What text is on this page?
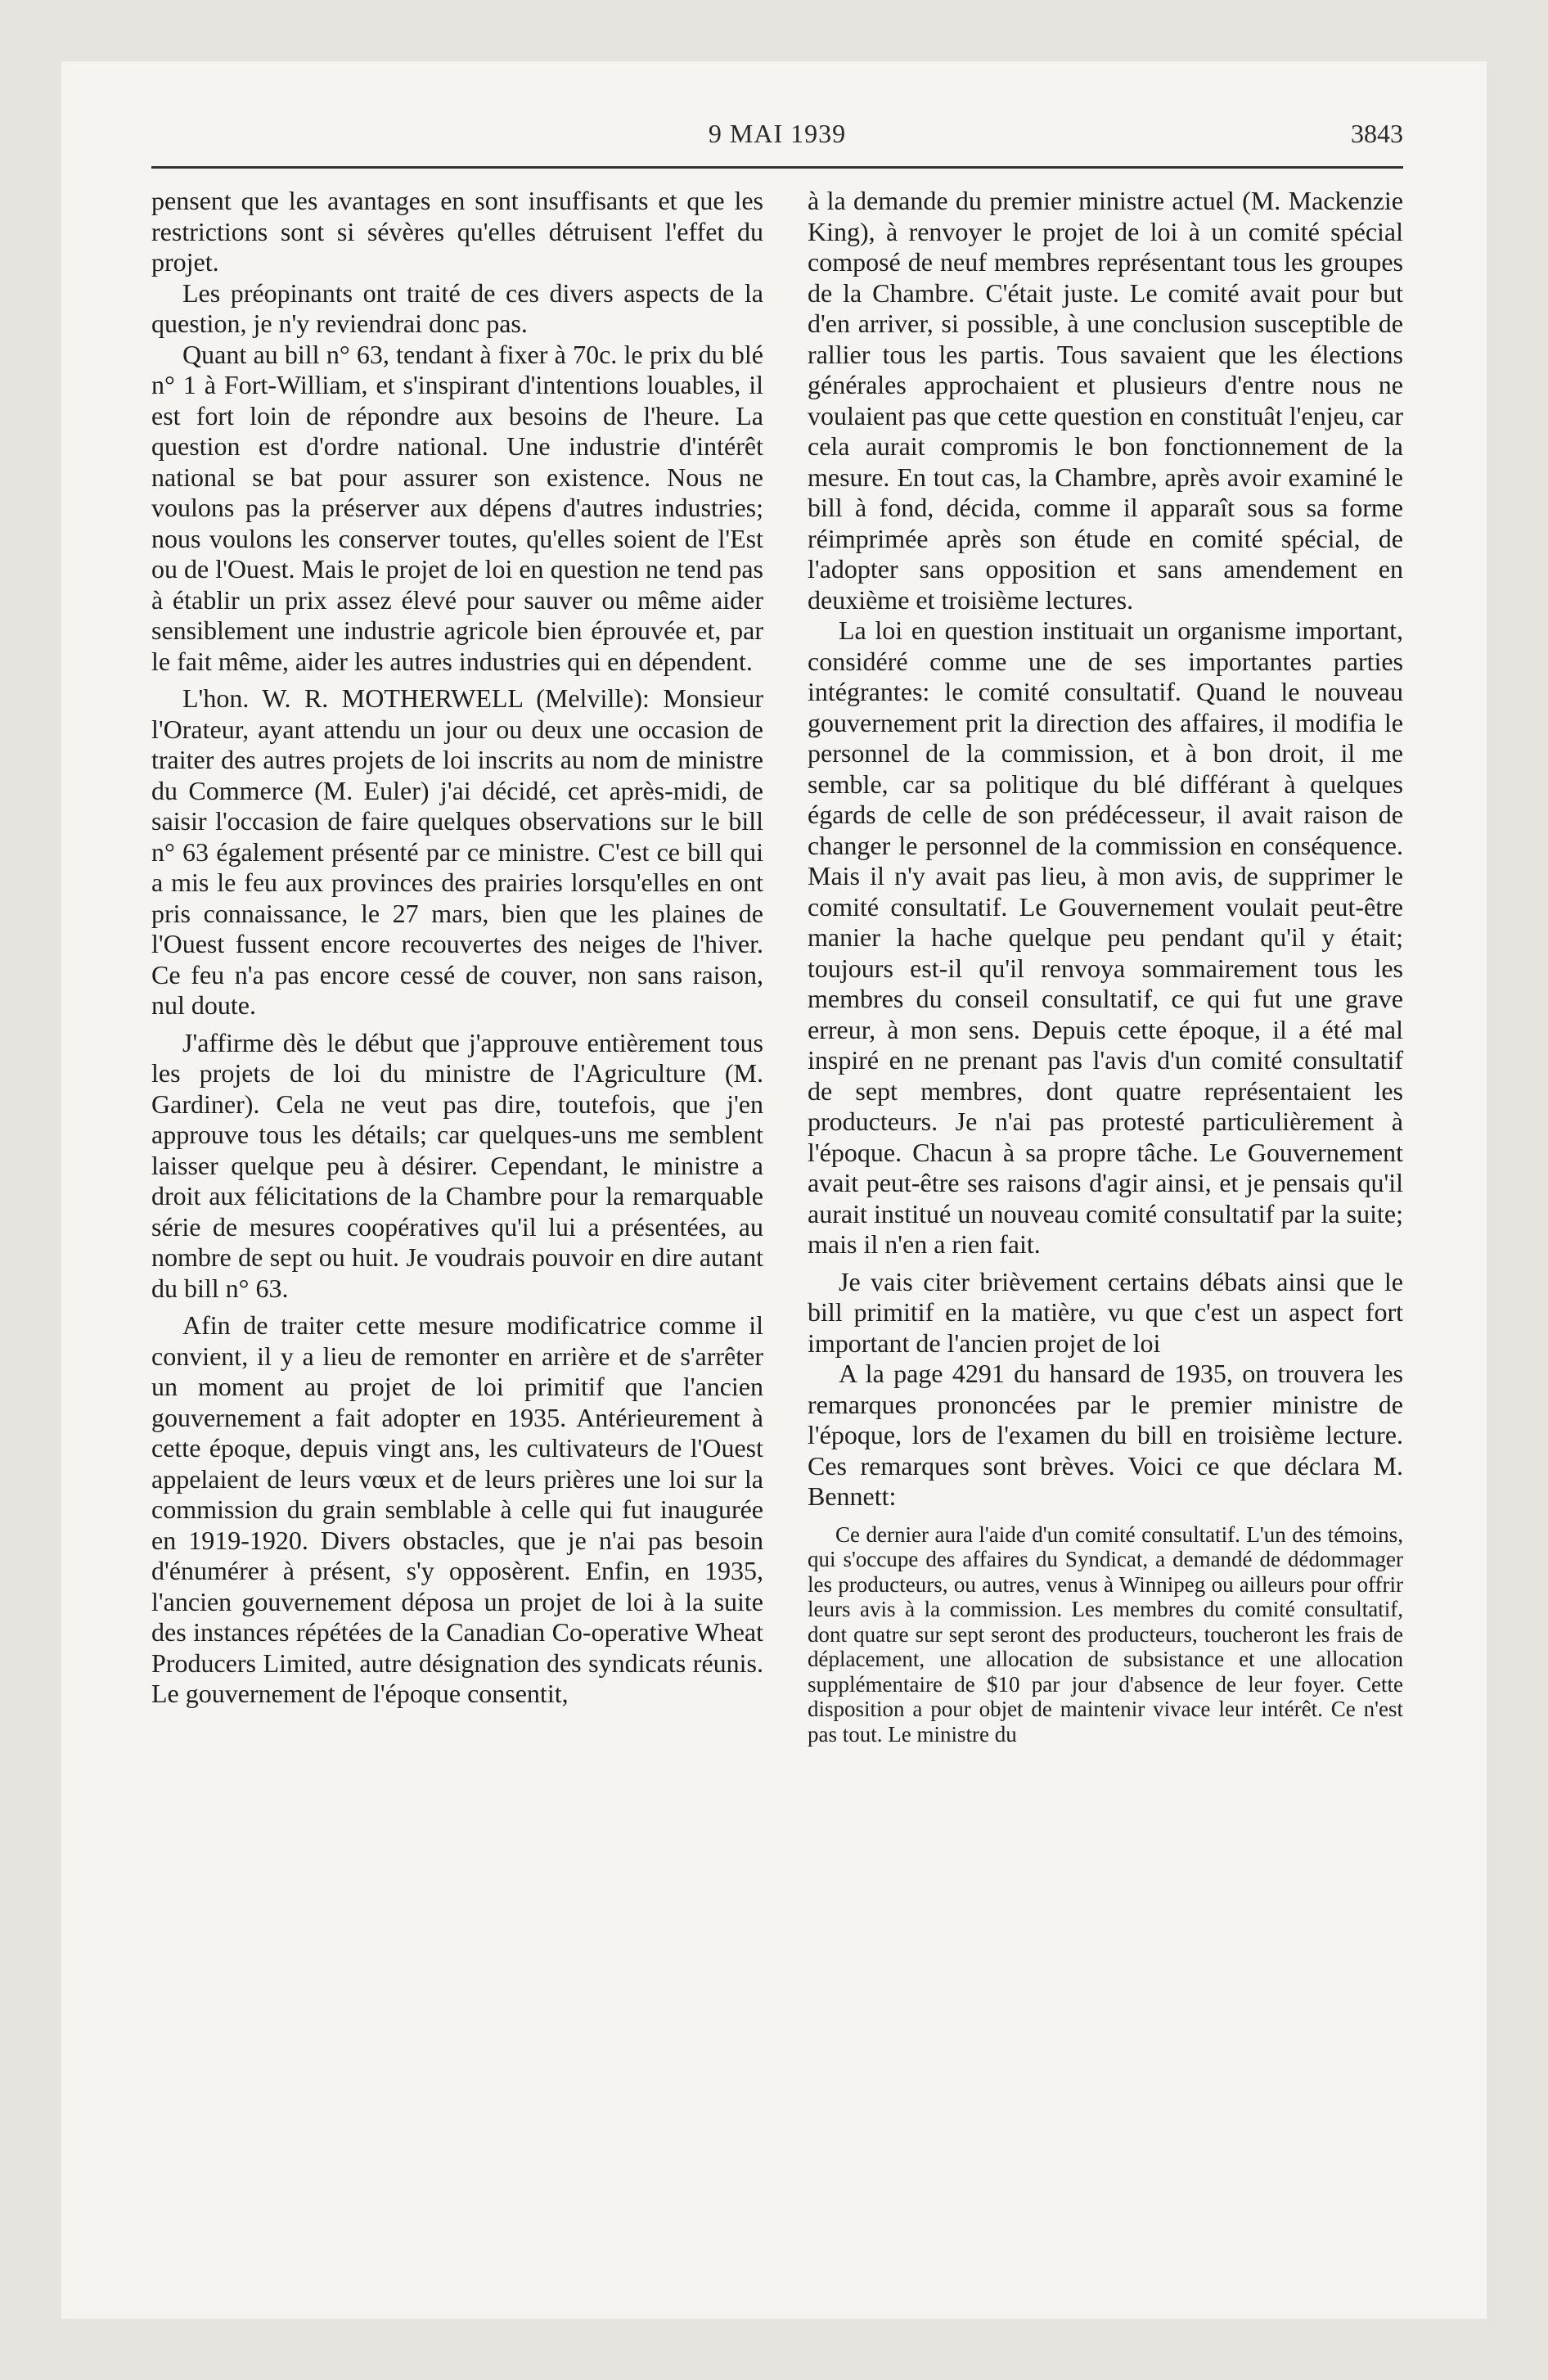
9 MAI 1939	3843

pensent que les avantages en sont insuffisants et que les restrictions sont si sévères qu'elles détruisent l'effet du projet.

Les préopinants ont traité de ces divers aspects de la question, je n'y reviendrai donc pas.

Quant au bill n° 63, tendant à fixer à 70c. le prix du blé n° 1 à Fort-William, et s'inspirant d'intentions louables, il est fort loin de répondre aux besoins de l'heure. La question est d'ordre national. Une industrie d'intérêt national se bat pour assurer son existence. Nous ne voulons pas la préserver aux dépens d'autres industries; nous voulons les conserver toutes, qu'elles soient de l'Est ou de l'Ouest. Mais le projet de loi en question ne tend pas à établir un prix assez élevé pour sauver ou même aider sensiblement une industrie agricole bien éprouvée et, par le fait même, aider les autres industries qui en dépendent.

L'hon. W. R. MOTHERWELL (Melville): Monsieur l'Orateur, ayant attendu un jour ou deux une occasion de traiter des autres projets de loi inscrits au nom de ministre du Commerce (M. Euler) j'ai décidé, cet après-midi, de saisir l'occasion de faire quelques observations sur le bill n° 63 également présenté par ce ministre. C'est ce bill qui a mis le feu aux provinces des prairies lorsqu'elles en ont pris connaissance, le 27 mars, bien que les plaines de l'Ouest fussent encore recouvertes des neiges de l'hiver. Ce feu n'a pas encore cessé de couver, non sans raison, nul doute.

J'affirme dès le début que j'approuve entièrement tous les projets de loi du ministre de l'Agriculture (M. Gardiner). Cela ne veut pas dire, toutefois, que j'en approuve tous les détails; car quelques-uns me semblent laisser quelque peu à désirer. Cependant, le ministre a droit aux félicitations de la Chambre pour la remarquable série de mesures coopératives qu'il lui a présentées, au nombre de sept ou huit. Je voudrais pouvoir en dire autant du bill n° 63.

Afin de traiter cette mesure modificatrice comme il convient, il y a lieu de remonter en arrière et de s'arrêter un moment au projet de loi primitif que l'ancien gouvernement a fait adopter en 1935. Antérieurement à cette époque, depuis vingt ans, les cultivateurs de l'Ouest appelaient de leurs vœux et de leurs prières une loi sur la commission du grain semblable à celle qui fut inaugurée en 1919-1920. Divers obstacles, que je n'ai pas besoin d'énumérer à présent, s'y opposèrent. Enfin, en 1935, l'ancien gouvernement déposa un projet de loi à la suite des instances répétées de la Canadian Co-operative Wheat Producers Limited, autre désignation des syndicats réunis. Le gouvernement de l'époque consentit,

à la demande du premier ministre actuel (M. Mackenzie King), à renvoyer le projet de loi à un comité spécial composé de neuf membres représentant tous les groupes de la Chambre. C'était juste. Le comité avait pour but d'en arriver, si possible, à une conclusion susceptible de rallier tous les partis. Tous savaient que les élections générales approchaient et plusieurs d'entre nous ne voulaient pas que cette question en constituât l'enjeu, car cela aurait compromis le bon fonctionnement de la mesure. En tout cas, la Chambre, après avoir examiné le bill à fond, décida, comme il apparaît sous sa forme réimprimée après son étude en comité spécial, de l'adopter sans opposition et sans amendement en deuxième et troisième lectures.

La loi en question instituait un organisme important, considéré comme une de ses importantes parties intégrantes: le comité consultatif. Quand le nouveau gouvernement prit la direction des affaires, il modifia le personnel de la commission, et à bon droit, il me semble, car sa politique du blé différant à quelques égards de celle de son prédécesseur, il avait raison de changer le personnel de la commission en conséquence. Mais il n'y avait pas lieu, à mon avis, de supprimer le comité consultatif. Le Gouvernement voulait peut-être manier la hache quelque peu pendant qu'il y était; toujours est-il qu'il renvoya sommairement tous les membres du conseil consultatif, ce qui fut une grave erreur, à mon sens. Depuis cette époque, il a été mal inspiré en ne prenant pas l'avis d'un comité consultatif de sept membres, dont quatre représentaient les producteurs. Je n'ai pas protesté particulièrement à l'époque. Chacun à sa propre tâche. Le Gouvernement avait peut-être ses raisons d'agir ainsi, et je pensais qu'il aurait institué un nouveau comité consultatif par la suite; mais il n'en a rien fait.

Je vais citer brièvement certains débats ainsi que le bill primitif en la matière, vu que c'est un aspect fort important de l'ancien projet de loi

A la page 4291 du hansard de 1935, on trouvera les remarques prononcées par le premier ministre de l'époque, lors de l'examen du bill en troisième lecture. Ces remarques sont brèves. Voici ce que déclara M. Bennett:

Ce dernier aura l'aide d'un comité consultatif. L'un des témoins, qui s'occupe des affaires du Syndicat, a demandé de dédommager les producteurs, ou autres, venus à Winnipeg ou ailleurs pour offrir leurs avis à la commission. Les membres du comité consultatif, dont quatre sur sept seront des producteurs, toucheront les frais de déplacement, une allocation de subsistance et une allocation supplémentaire de $10 par jour d'absence de leur foyer. Cette disposition a pour objet de maintenir vivace leur intérêt. Ce n'est pas tout. Le ministre du
